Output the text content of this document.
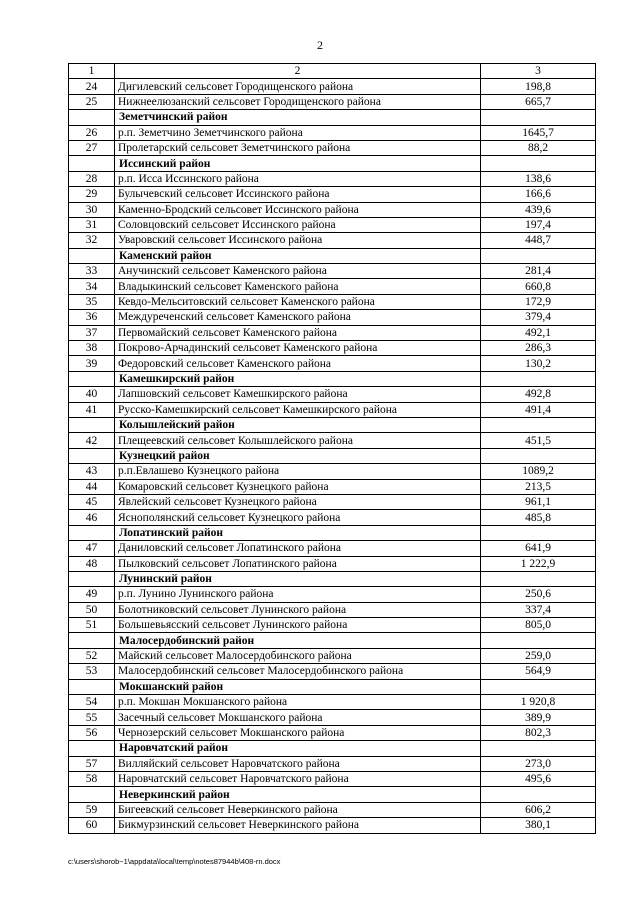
2
1	2	3
24	Дигилевский сельсовет Городищенского района	198,8
25	Нижнеелюзанский сельсовет Городищенского района	665,7
	Земетчинский район	
26	р.п. Земетчино Земетчинского района	1645,7
27	Пролетарский сельсовет Земетчинского района	88,2
	Иссинский район	
28	р.п. Исса Иссинского района	138,6
29	Булычевский сельсовет Иссинского района	166,6
30	Каменно-Бродский сельсовет Иссинского района	439,6
31	Соловцовский сельсовет Иссинского района	197,4
32	Уваровский сельсовет Иссинского района	448,7
	Каменский район	
33	Анучинский сельсовет Каменского района	281,4
34	Владыкинский сельсовет Каменского района	660,8
35	Кевдо-Мельситовский сельсовет Каменского района	172,9
36	Междуреченский сельсовет Каменского района	379,4
37	Первомайский сельсовет Каменского района	492,1
38	Покрово-Арчадинский сельсовет Каменского района	286,3
39	Федоровский сельсовет Каменского района	130,2
	Камешкирский район	
40	Лапшовский сельсовет Камешкирского района	492,8
41	Русско-Камешкирский сельсовет Камешкирского района	491,4
	Колышлейский район	
42	Плещеевский сельсовет Колышлейского района	451,5
	Кузнецкий район	
43	р.п.Евлашево Кузнецкого района	1089,2
44	Комаровский сельсовет Кузнецкого района	213,5
45	Явлейский сельсовет Кузнецкого района	961,1
46	Яснополянский сельсовет Кузнецкого района	485,8
	Лопатинский район	
47	Даниловский сельсовет Лопатинского района	641,9
48	Пылковский сельсовет Лопатинского района	1 222,9
	Лунинский район	
49	р.п. Лунино Лунинского района	250,6
50	Болотниковский сельсовет Лунинского района	337,4
51	Большевьясский сельсовет Лунинского района	805,0
	Малосердобинский район	
52	Майский сельсовет Малосердобинского района	259,0
53	Малосердобинский сельсовет Малосердобинского района	564,9
	Мокшанский район	
54	р.п. Мокшан Мокшанского района	1 920,8
55	Засечный сельсовет Мокшанского района	389,9
56	Чернозерский сельсовет Мокшанского района	802,3
	Наровчатский район	
57	Вилляйский сельсовет Наровчатского района	273,0
58	Наровчатский сельсовет Наровчатского района	495,6
	Неверкинский район	
59	Бигеевский сельсовет Неверкинского района	606,2
60	Бикмурзинский сельсовет Неверкинского района	380,1
c:\users\shorob~1\appdata\local\temp\notes87944b\408-rn.docx
